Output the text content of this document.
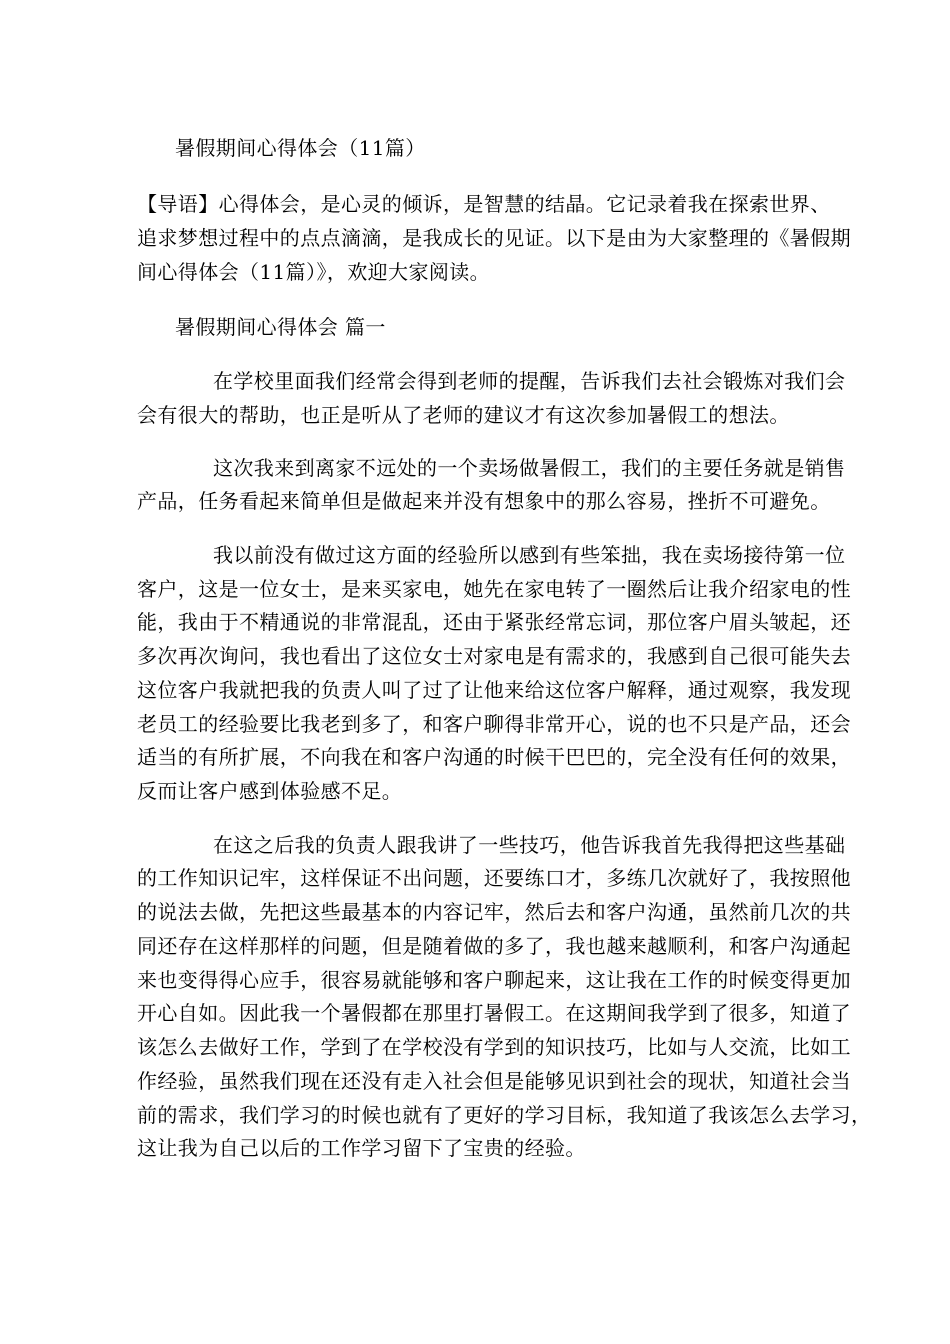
暑假期间心得体会（11篇）
【导语】心得体会，是心灵的倾诉，是智慧的结晶。它记录着我在探索世界、
追求梦想过程中的点点滴滴，是我成长的见证。以下是由为大家整理的《暑假期
间心得体会（11篇）》，欢迎大家阅读。
暑假期间心得体会 篇一
在学校里面我们经常会得到老师的提醒，告诉我们去社会锻炼对我们会
会有很大的帮助，也正是听从了老师的建议才有这次参加暑假工的想法。
这次我来到离家不远处的一个卖场做暑假工，我们的主要任务就是销售
产品，任务看起来简单但是做起来并没有想象中的那么容易，挫折不可避免。
我以前没有做过这方面的经验所以感到有些笨拙，我在卖场接待第一位
客户，这是一位女士，是来买家电，她先在家电转了一圈然后让我介绍家电的性
能，我由于不精通说的非常混乱，还由于紧张经常忘词，那位客户眉头皱起，还
多次再次询问，我也看出了这位女士对家电是有需求的，我感到自己很可能失去
这位客户我就把我的负责人叫了过了让他来给这位客户解释，通过观察，我发现
老员工的经验要比我老到多了，和客户聊得非常开心，说的也不只是产品，还会
适当的有所扩展，不向我在和客户沟通的时候干巴巴的，完全没有任何的效果，
反而让客户感到体验感不足。
在这之后我的负责人跟我讲了一些技巧，他告诉我首先我得把这些基础
的工作知识记牢，这样保证不出问题，还要练口才，多练几次就好了，我按照他
的说法去做，先把这些最基本的内容记牢，然后去和客户沟通，虽然前几次的共
同还存在这样那样的问题，但是随着做的多了，我也越来越顺利，和客户沟通起
来也变得得心应手，很容易就能够和客户聊起来，这让我在工作的时候变得更加
开心自如。因此我一个暑假都在那里打暑假工。在这期间我学到了很多，知道了
该怎么去做好工作，学到了在学校没有学到的知识技巧，比如与人交流，比如工
作经验，虽然我们现在还没有走入社会但是能够见识到社会的现状，知道社会当
前的需求，我们学习的时候也就有了更好的学习目标，我知道了我该怎么去学习，
这让我为自己以后的工作学习留下了宝贵的经验。
